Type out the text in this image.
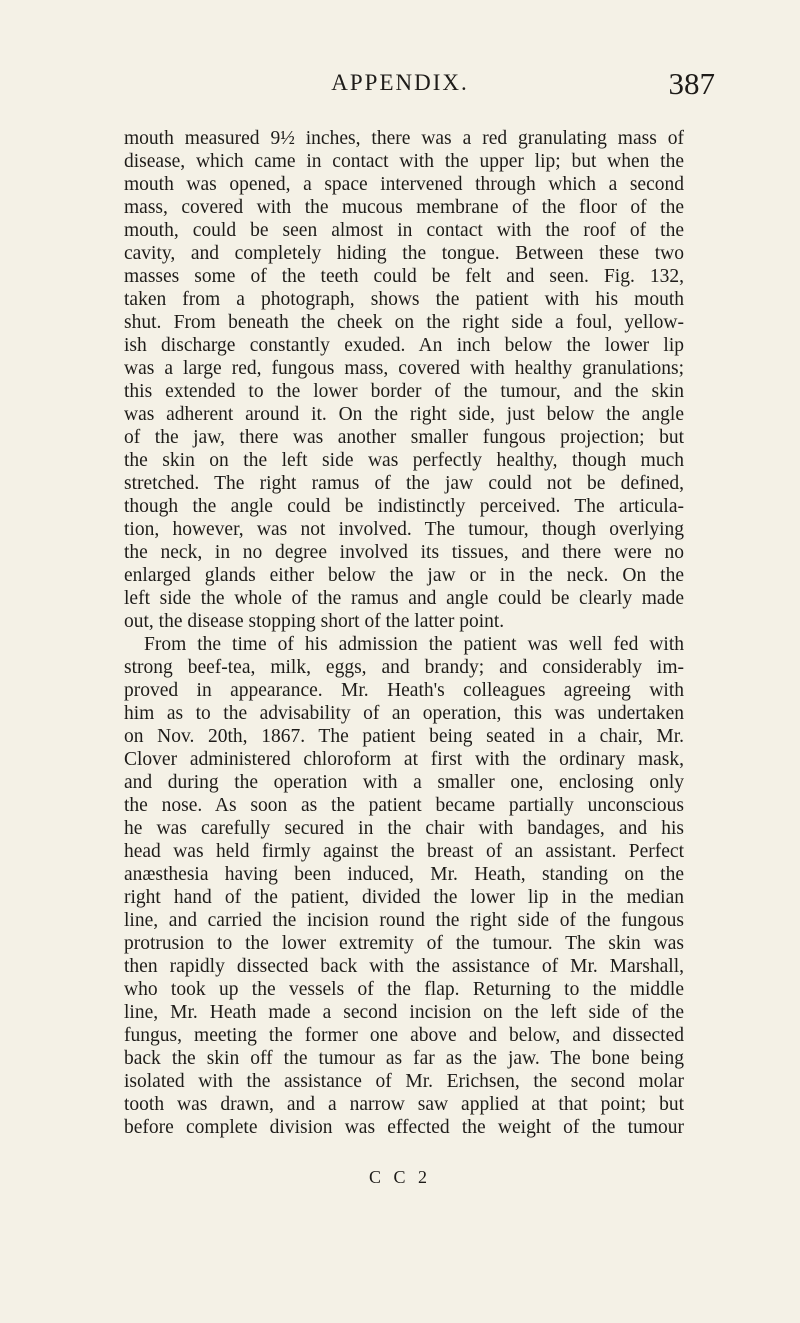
APPENDIX.	387
mouth measured 9½ inches, there was a red granulating mass of
disease, which came in contact with the upper lip; but when the
mouth was opened, a space intervened through which a second
mass, covered with the mucous membrane of the floor of the
mouth, could be seen almost in contact with the roof of the
cavity, and completely hiding the tongue. Between these two
masses some of the teeth could be felt and seen. Fig. 132,
taken from a photograph, shows the patient with his mouth
shut. From beneath the cheek on the right side a foul, yellow-
ish discharge constantly exuded. An inch below the lower lip
was a large red, fungous mass, covered with healthy granulations;
this extended to the lower border of the tumour, and the skin
was adherent around it. On the right side, just below the angle
of the jaw, there was another smaller fungous projection; but
the skin on the left side was perfectly healthy, though much
stretched. The right ramus of the jaw could not be defined,
though the angle could be indistinctly perceived. The articula-
tion, however, was not involved. The tumour, though overlying
the neck, in no degree involved its tissues, and there were no
enlarged glands either below the jaw or in the neck. On the
left side the whole of the ramus and angle could be clearly made
out, the disease stopping short of the latter point.
From the time of his admission the patient was well fed with
strong beef-tea, milk, eggs, and brandy; and considerably im-
proved in appearance. Mr. Heath's colleagues agreeing with
him as to the advisability of an operation, this was undertaken
on Nov. 20th, 1867. The patient being seated in a chair, Mr.
Clover administered chloroform at first with the ordinary mask,
and during the operation with a smaller one, enclosing only
the nose. As soon as the patient became partially unconscious
he was carefully secured in the chair with bandages, and his
head was held firmly against the breast of an assistant. Perfect
anæsthesia having been induced, Mr. Heath, standing on the
right hand of the patient, divided the lower lip in the median
line, and carried the incision round the right side of the fungous
protrusion to the lower extremity of the tumour. The skin was
then rapidly dissected back with the assistance of Mr. Marshall,
who took up the vessels of the flap. Returning to the middle
line, Mr. Heath made a second incision on the left side of the
fungus, meeting the former one above and below, and dissected
back the skin off the tumour as far as the jaw. The bone being
isolated with the assistance of Mr. Erichsen, the second molar
tooth was drawn, and a narrow saw applied at that point; but
before complete division was effected the weight of the tumour
C C 2
